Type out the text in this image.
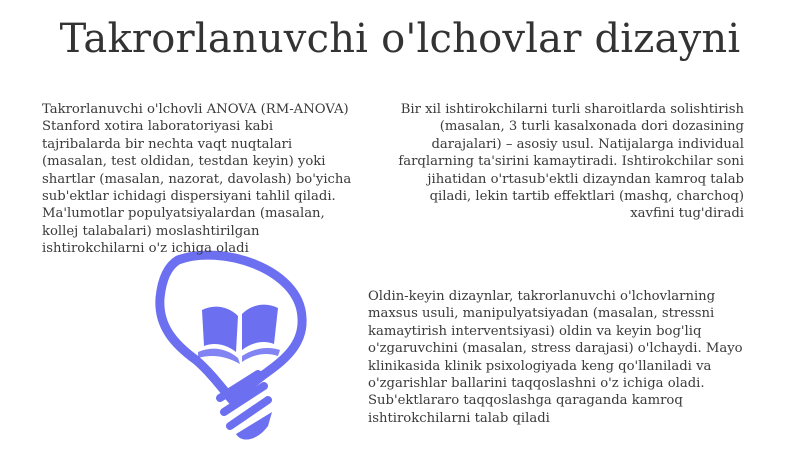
Takrorlanuvchi o'lchovlar dizayni
Takrorlanuvchi o'lchovli ANOVA (RM-ANOVA) Stanford xotira laboratoriyasi kabi tajribalarda bir nechta vaqt nuqtalari (masalan, test oldidan, testdan keyin) yoki shartlar (masalan, nazorat, davolash) bo'yicha sub'ektlar ichidagi dispersiyani tahlil qiladi. Ma'lumotlar populyatsiyalardan (masalan, kollej talabalari) moslashtirilgan ishtirokchilarni o'z ichiga oladi
Bir xil ishtirokchilarni turli sharoitlarda solishtirish (masalan, 3 turli kasalxonada dori dozasining darajalari) – asosiy usul. Natijalarga individual farqlarning ta'sirini kamaytiradi. Ishtirokchilar soni jihatidan o'rtasub'ektli dizayndan kamroq talab qiladi, lekin tartib effektlari (mashq, charchoq) xavfini tug'diradi
Oldin-keyin dizaynlar, takrorlanuvchi o'lchovlarning maxsus usuli, manipulyatsiyadan (masalan, stressni kamaytirish interventsiyasi) oldin va keyin bog'liq o'zgaruvchini (masalan, stress darajasi) o'lchaydi. Mayo klinikasida klinik psixologiyada keng qo'llaniladi va o'zgarishlar ballarini taqqoslashni o'z ichiga oladi. Sub'ektlararo taqqoslashga qaraganda kamroq ishtirokchilarni talab qiladi
